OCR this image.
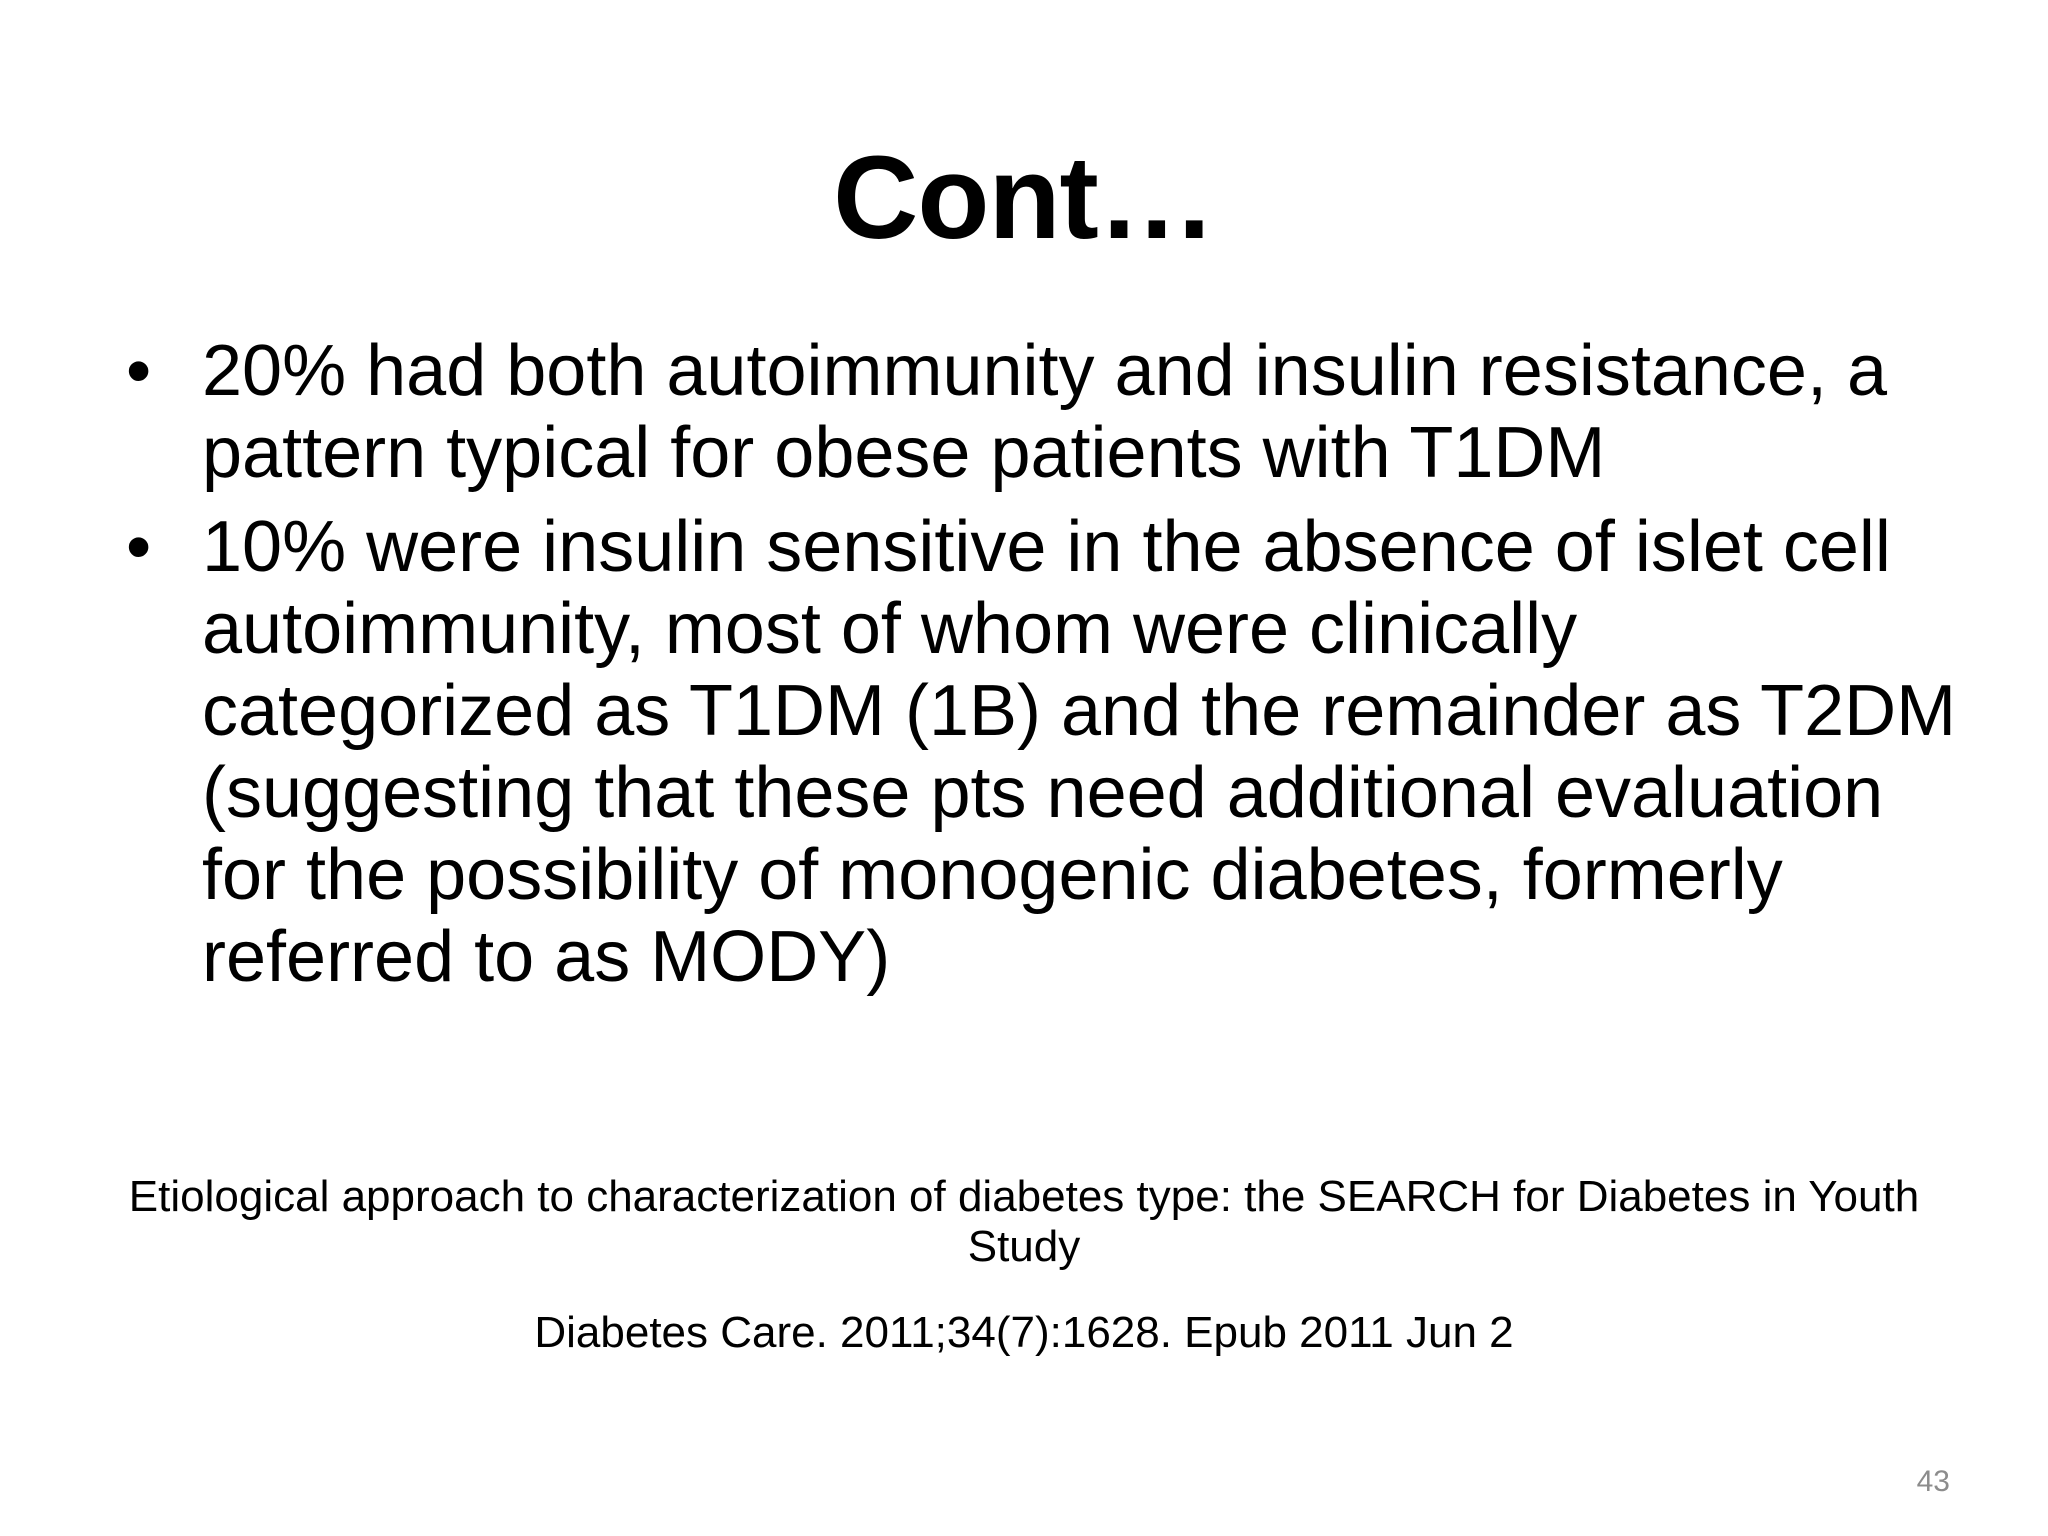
Cont…
• 20% had both autoimmunity and insulin resistance, a pattern typical for obese patients with T1DM
• 10% were insulin sensitive in the absence of islet cell autoimmunity, most of whom were clinically categorized as T1DM (1B) and the remainder as T2DM (suggesting that these pts need additional evaluation for the possibility of monogenic diabetes, formerly referred to as MODY)
Etiological approach to characterization of diabetes type: the SEARCH for Diabetes in Youth Study
Diabetes Care. 2011;34(7):1628. Epub 2011 Jun 2
43
